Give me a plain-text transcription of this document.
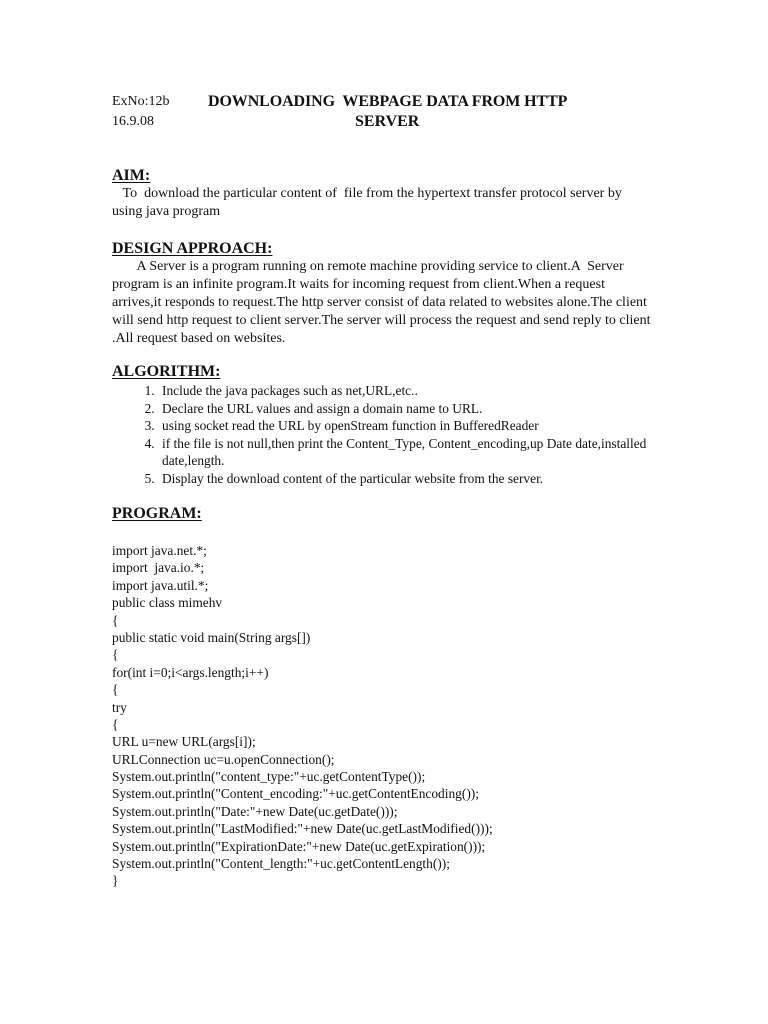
ExNo:12b
16.9.08
DOWNLOADING  WEBPAGE DATA FROM HTTP
SERVER
AIM:
To  download the particular content of  file from the hypertext transfer protocol server by using java program
DESIGN APPROACH:
A Server is a program running on remote machine providing service to client.A  Server program is an infinite program.It waits for incoming request from client.When a request arrives,it responds to request.The http server consist of data related to websites alone.The client will send http request to client server.The server will process the request and send reply to client .All request based on websites.
ALGORITHM:
1. Include the java packages such as net,URL,etc..
2. Declare the URL values and assign a domain name to URL.
3. using socket read the URL by openStream function in BufferedReader
4. if the file is not null,then print the Content_Type, Content_encoding,up Date date,installed date,length.
5. Display the download content of the particular website from the server.
PROGRAM:
import java.net.*;
import  java.io.*;
import java.util.*;
public class mimehv
{
public static void main(String args[])
{
for(int i=0;i<args.length;i++)
{
try
{
URL u=new URL(args[i]);
URLConnection uc=u.openConnection();
System.out.println("content_type:"+uc.getContentType());
System.out.println("Content_encoding:"+uc.getContentEncoding());
System.out.println("Date:"+new Date(uc.getDate()));
System.out.println("LastModified:"+new Date(uc.getLastModified()));
System.out.println("ExpirationDate:"+new Date(uc.getExpiration()));
System.out.println("Content_length:"+uc.getContentLength());
}
